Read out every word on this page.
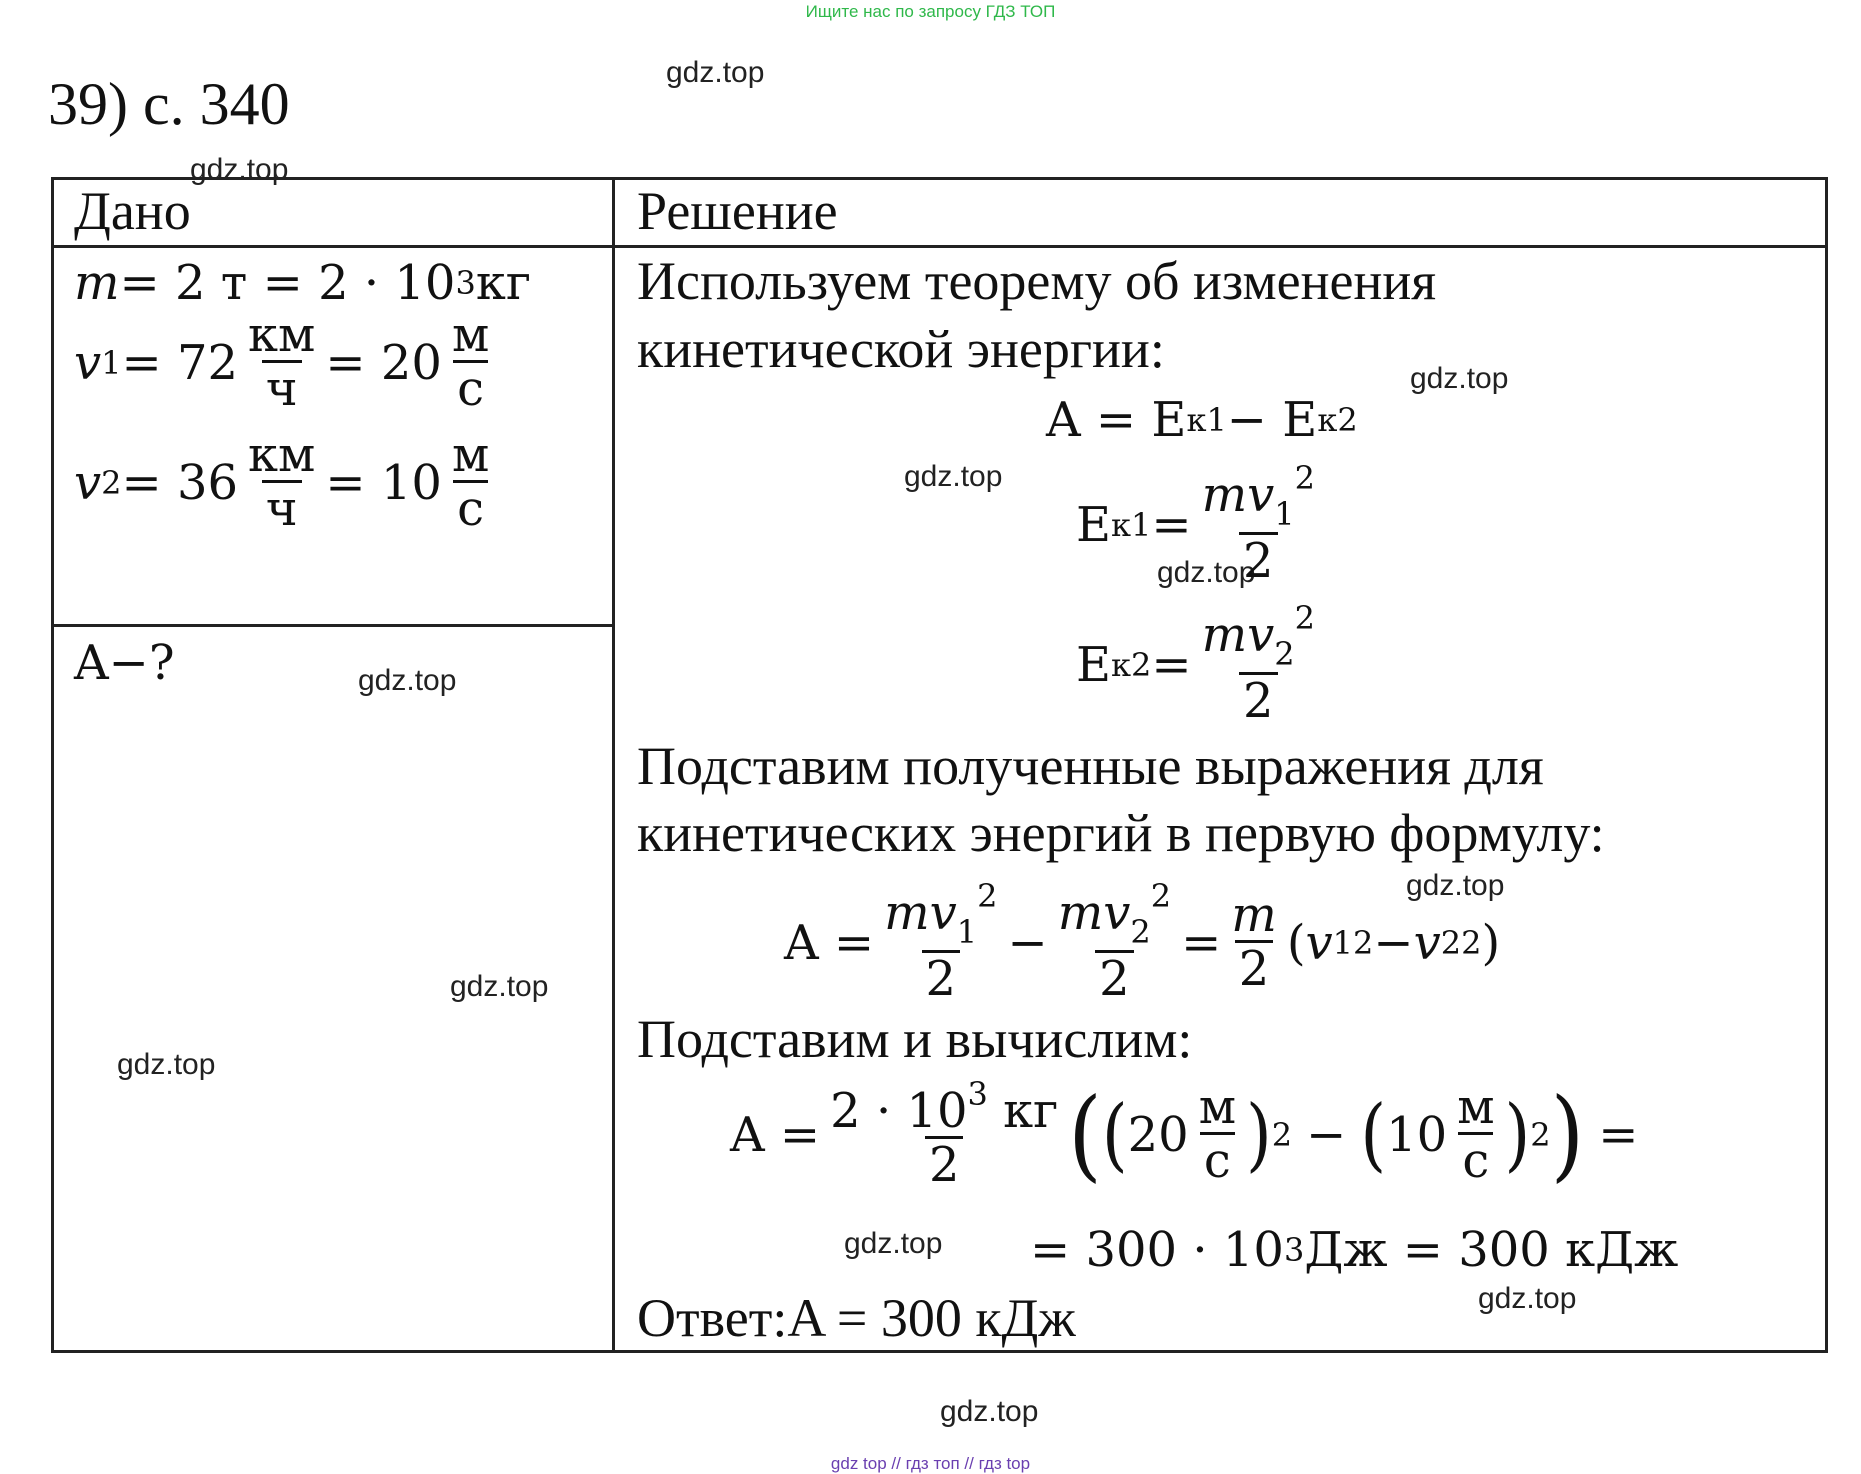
Ищите нас по запросу ГДЗ ТОП
39) с. 340	gdz.top
gdz.top
gdz.top
gdz.top
gdz.top
gdz.top
gdz.top
gdz.top
gdz.top
gdz.top
gdz.top
gdz.top
Дано	Решение
m = 2 т = 2 · 10 3 кг
v $1 = 72 \frac{км}{ч} = 20 \frac{м}{с}$
v $2 = 36 \frac{км}{ч} = 10 \frac{м}{с}$
A−?
Используем теорему об изменения
кинетической энергии:
A = E к1 − E к2
E $к1 = \frac{mv_1^2}{2}$
E $к2 = \frac{mv_2^2}{2}$
Подставим полученные выражения для
кинетических энергий в первую формулу:
$A = \frac{mv_1^2}{2} - \frac{mv_2^2}{2} = \frac{m}{2}$ ( v 1 2 − v 2 2 )
Подставим и вычислим:
$A = \frac{2 \cdot 10^3 кг}{2}$ ( ( $20 \frac{м}{с}$ ) 2 − ( $10 \frac{м}{с}$ ) 2 ) =
= 300 · 10 3 Дж = 300 кДж
Ответ:A = 300 кДж
gdz top // гдз топ // гдз top
